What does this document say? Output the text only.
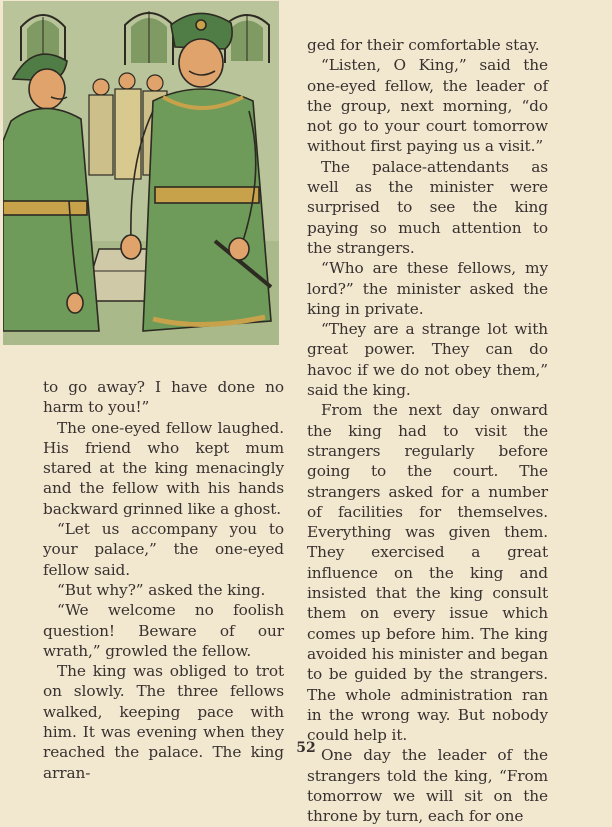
ged for their comfortable stay.

“Listen, O King,” said the one-eyed fellow, the leader of the group, next morning, “do not go to your court tomorrow without first paying us a visit.”

The palace-attendants as well as the minister were surprised to see the king paying so much attention to the strangers.

“Who are these fellows, my lord?” the minister asked the king in private.

“They are a strange lot with great power. They can do havoc if we do not obey them,” said the king.

From the next day onward the king had to visit the strangers regularly before going to the court. The strangers asked for a number of facilities for themselves. Everything was given them. They exercised a great influence on the king and insisted that the king consult them on every issue which comes up before him. The king avoided his minister and began to be guided by the strangers. The whole administration ran in the wrong way. But nobody could help it.

One day the leader of the strangers told the king, “From tomorrow we will sit on the throne by turn, each for one

to go away? I have done no harm to you!”

The one-eyed fellow laughed. His friend who kept mum stared at the king menacingly and the fellow with his hands backward grinned like a ghost.

“Let us accompany you to your palace,” the one-eyed fellow said.

“But why?” asked the king.

“We welcome no foolish question! Beware of our wrath,” growled the fellow.

The king was obliged to trot on slowly. The three fellows walked, keeping pace with him. It was evening when they reached the palace. The king arran-

52
